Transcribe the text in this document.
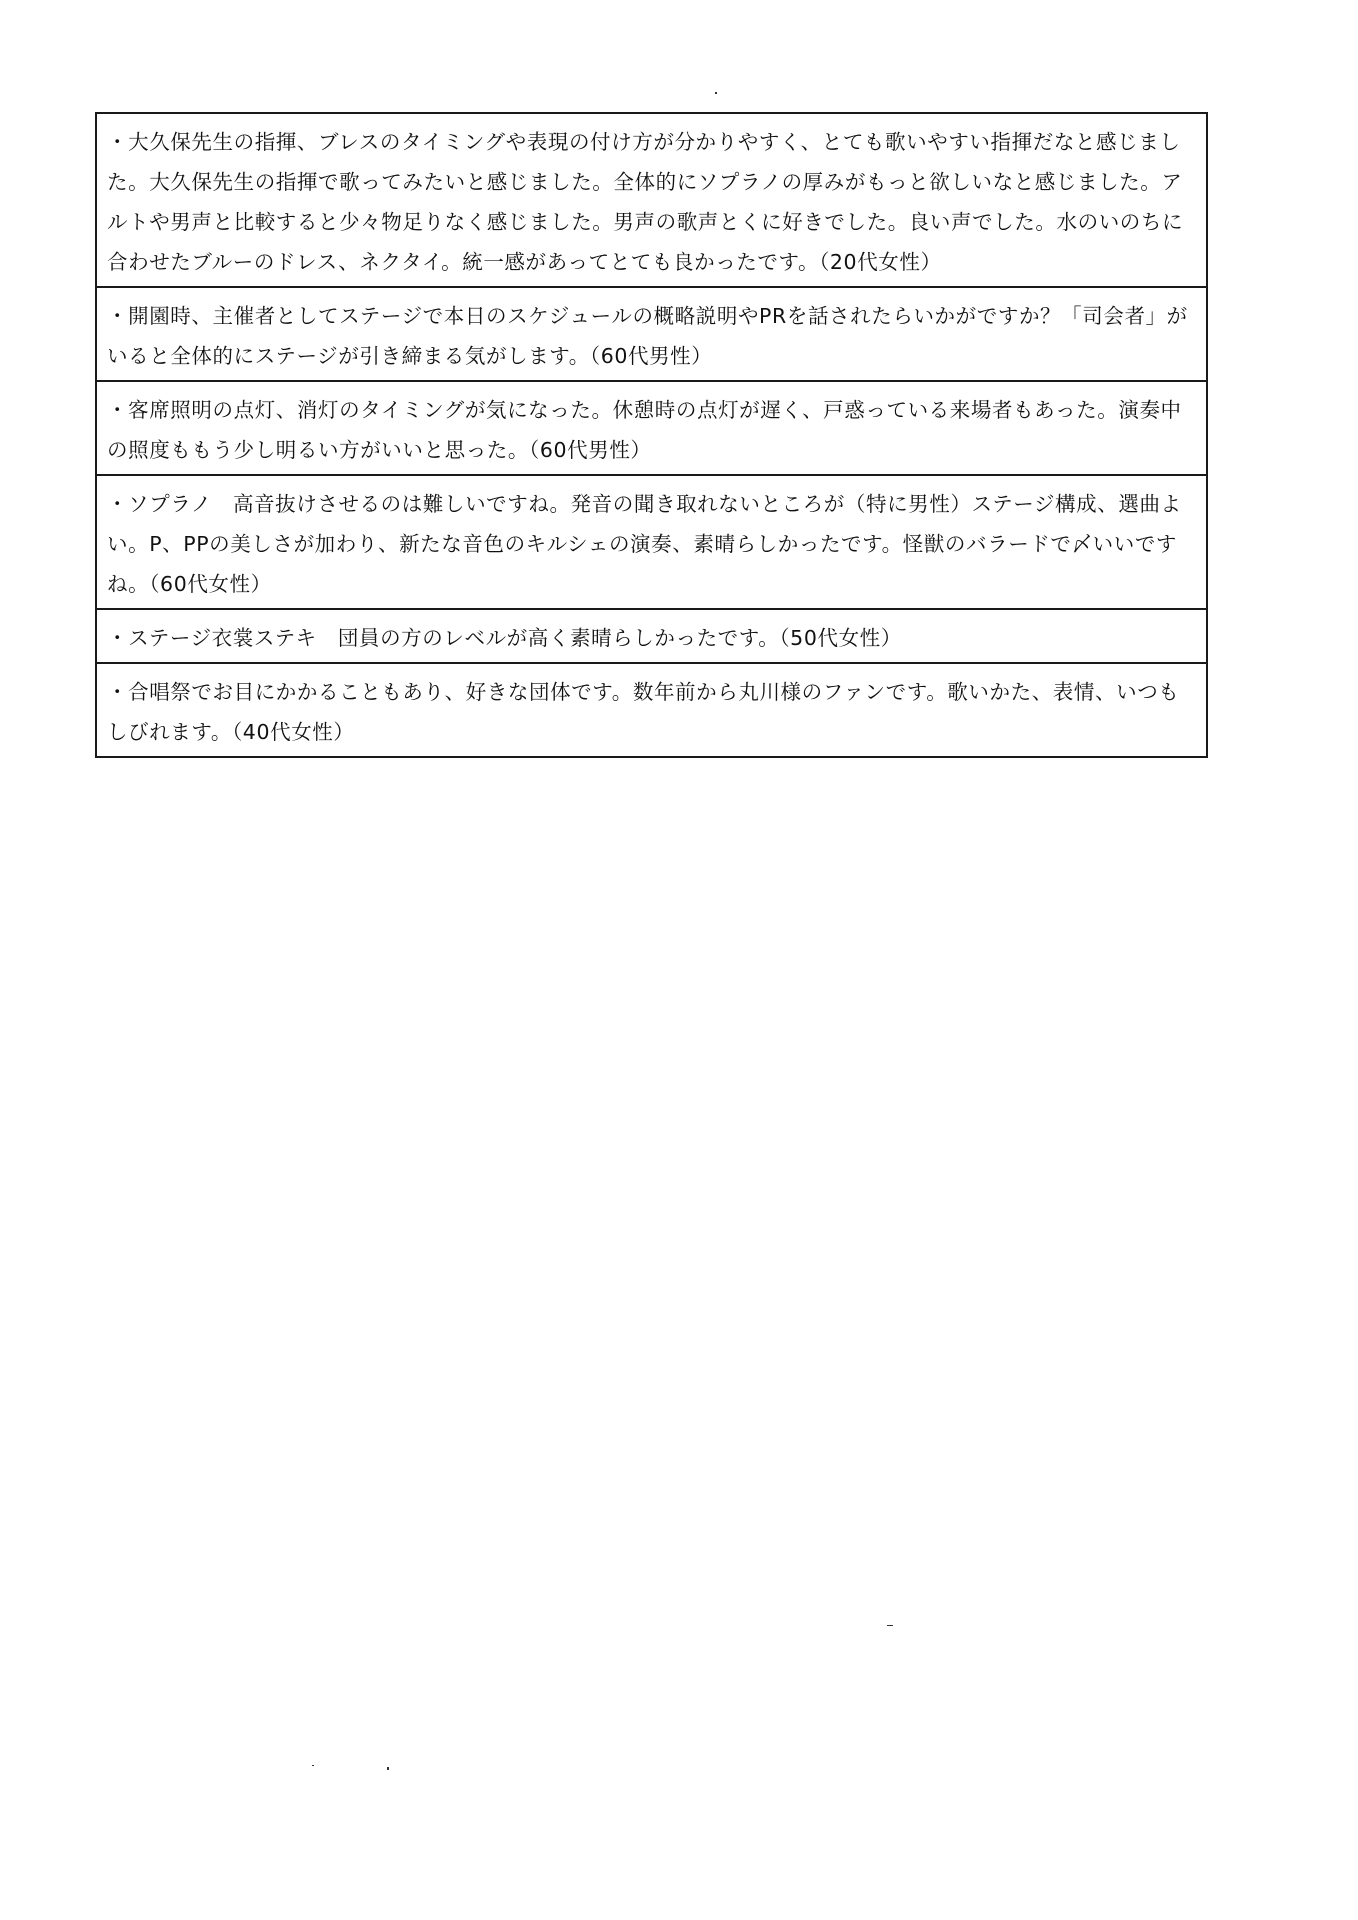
・大久保先生の指揮、ブレスのタイミングや表現の付け方が分かりやすく、とても歌いやすい指揮だなと感じました。大久保先生の指揮で歌ってみたいと感じました。全体的にソプラノの厚みがもっと欲しいなと感じました。アルトや男声と比較すると少々物足りなく感じました。男声の歌声とくに好きでした。良い声でした。水のいのちに合わせたブルーのドレス、ネクタイ。統一感があってとても良かったです。（20代女性）
・開園時、主催者としてステージで本日のスケジュールの概略説明やPRを話されたらいかがですか？「司会者」がいると全体的にステージが引き締まる気がします。（60代男性）
・客席照明の点灯、消灯のタイミングが気になった。休憩時の点灯が遅く、戸惑っている来場者もあった。演奏中の照度ももう少し明るい方がいいと思った。（60代男性）
・ソプラノ　高音抜けさせるのは難しいですね。発音の聞き取れないところが（特に男性）ステージ構成、選曲よい。P、PPの美しさが加わり、新たな音色のキルシェの演奏、素晴らしかったです。怪獣のバラードで〆いいですね。（60代女性）
・ステージ衣裳ステキ　団員の方のレベルが高く素晴らしかったです。（50代女性）
・合唱祭でお目にかかることもあり、好きな団体です。数年前から丸川様のファンです。歌いかた、表情、いつもしびれます。（40代女性）
